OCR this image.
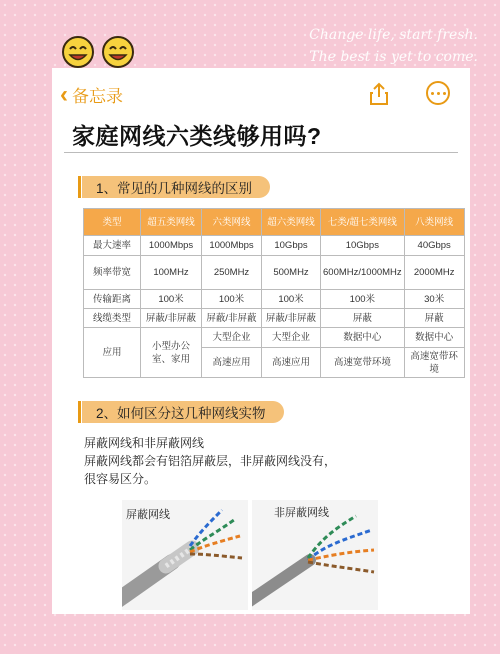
Change life, start fresh.
The best is yet to come.
‹ 备忘录
家庭网线六类线够用吗?
1、常见的几种网线的区别
类型	超五类网线	六类网线	超六类网线	七类/超七类网线	八类网线
最大速率	1000Mbps	1000Mbps	10Gbps	10Gbps	40Gbps
频率带宽	100MHz	250MHz	500MHz	600MHz/1000MHz	2000MHz
传输距离	100米	100米	100米	100米	30米
线缆类型	屏蔽/非屏蔽	屏蔽/非屏蔽	屏蔽/非屏蔽	屏蔽	屏蔽
应用	小型办公室、家用	大型企业	大型企业	数据中心	数据中心
		高速应用	高速应用	高速宽带环境	高速宽带环境
2、如何区分这几种网线实物
屏蔽网线和非屏蔽网线
屏蔽网线都会有铝箔屏蔽层，非屏蔽网线没有，
很容易区分。
屏蔽网线	非屏蔽网线
